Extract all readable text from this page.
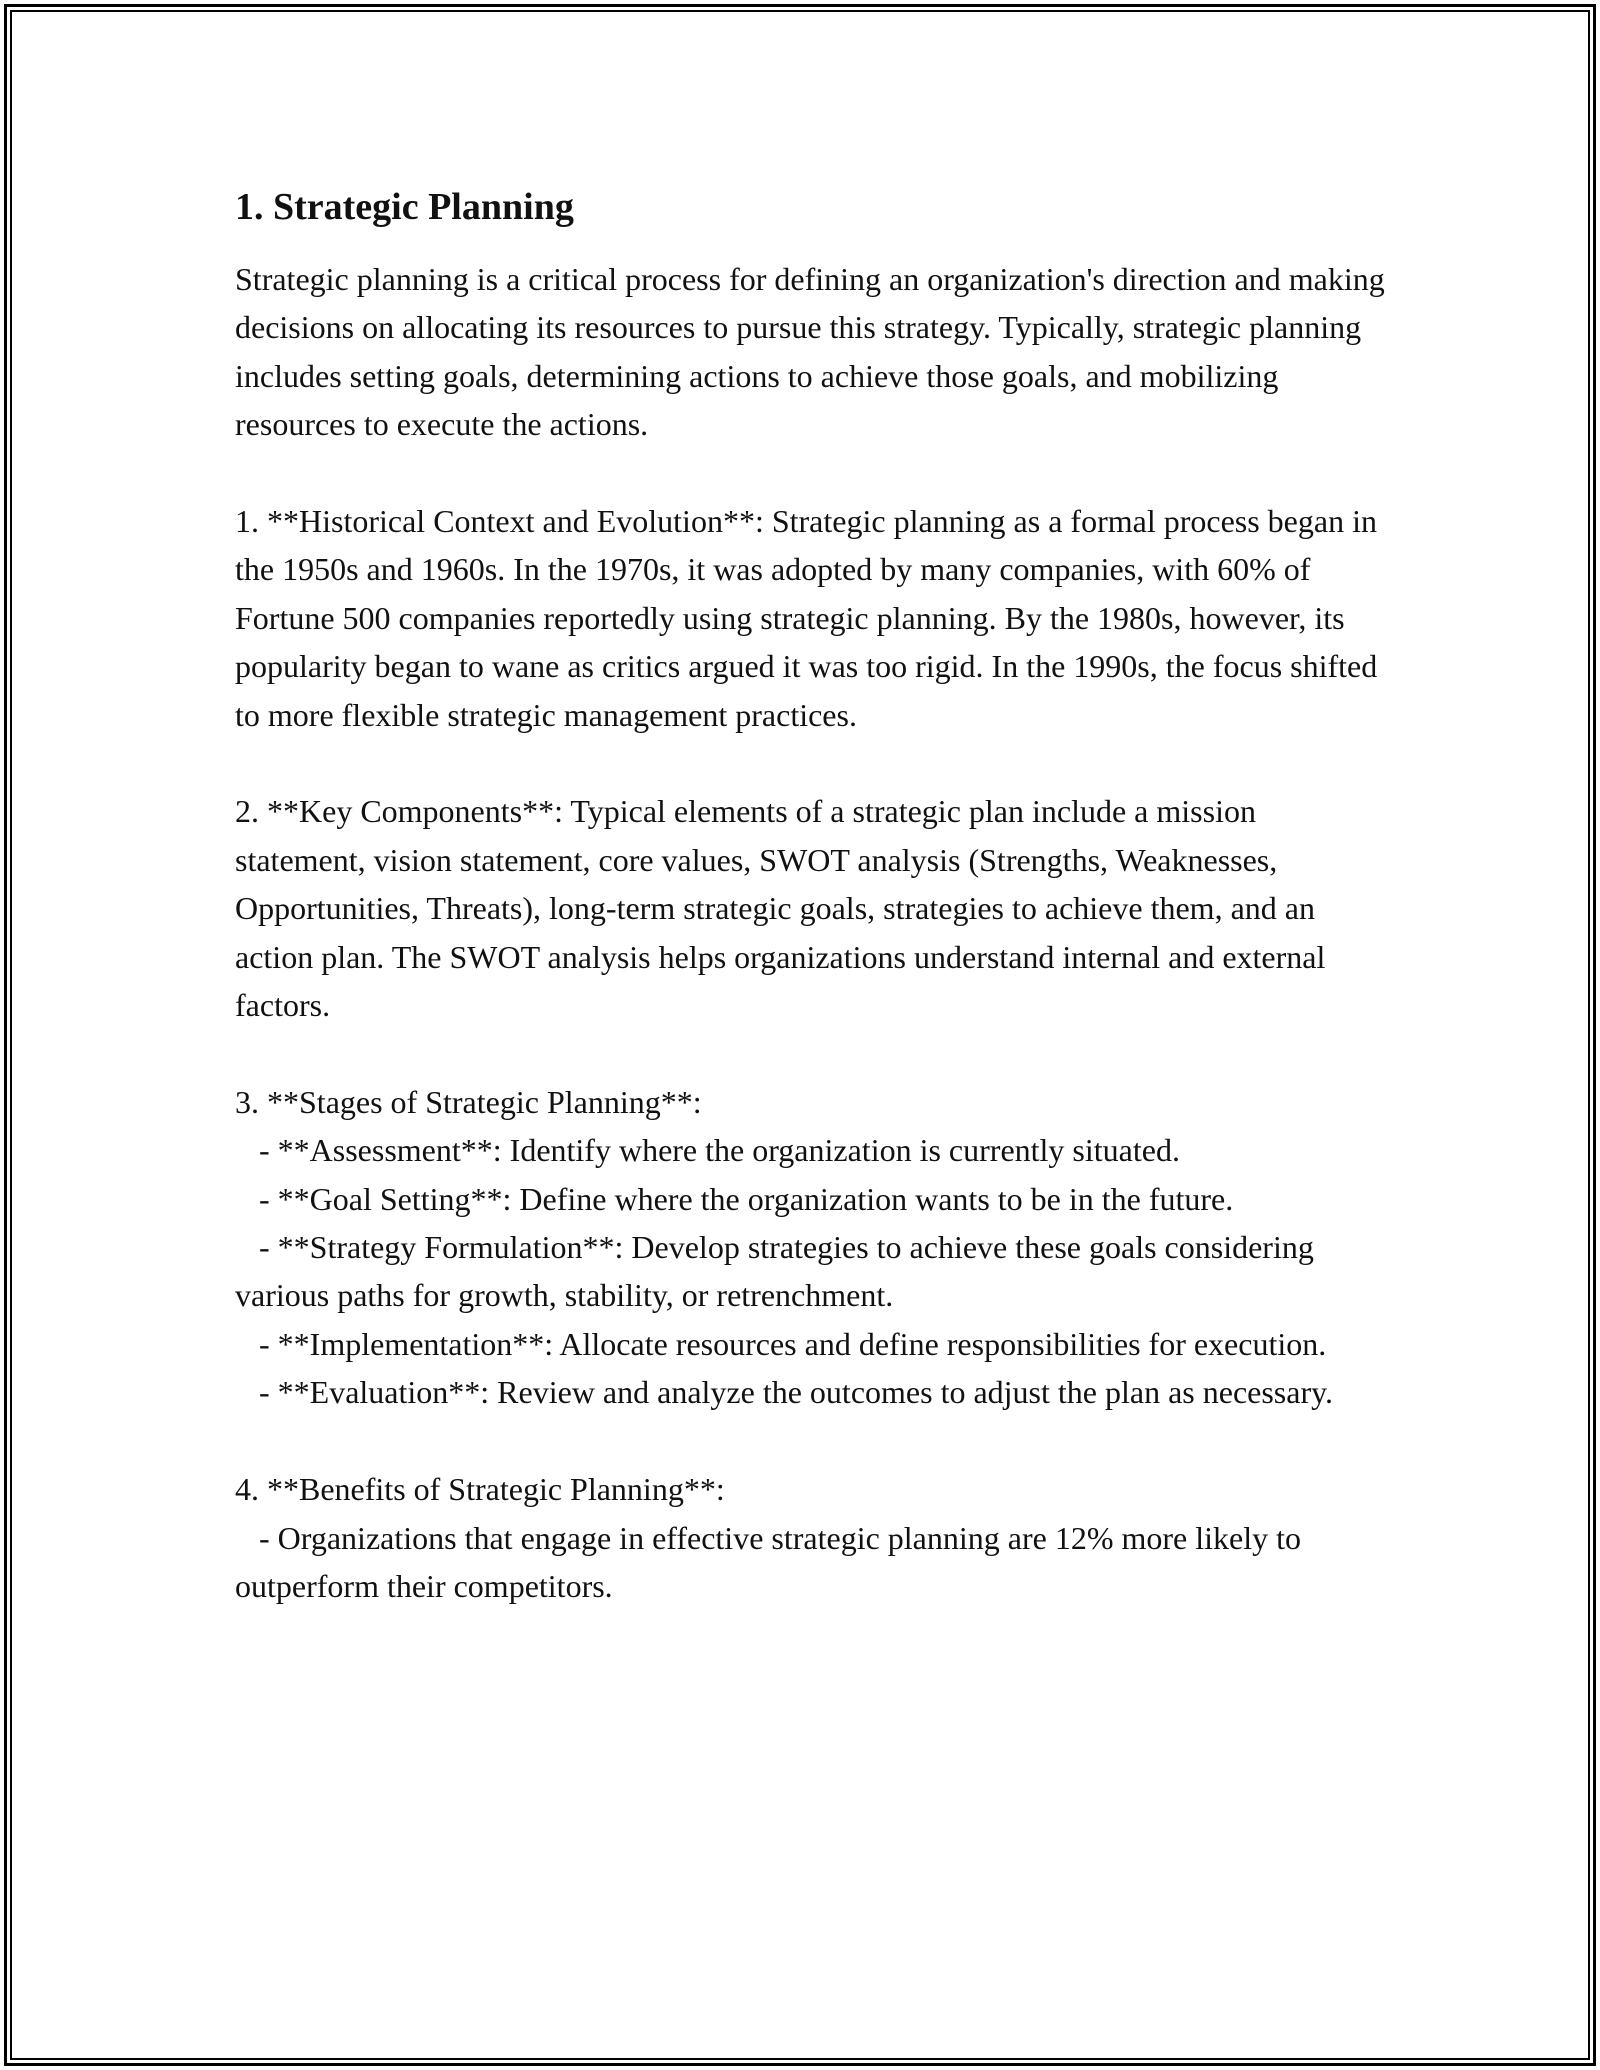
1. Strategic Planning

Strategic planning is a critical process for defining an organization's direction and making decisions on allocating its resources to pursue this strategy. Typically, strategic planning includes setting goals, determining actions to achieve those goals, and mobilizing resources to execute the actions.

1. **Historical Context and Evolution**: Strategic planning as a formal process began in the 1950s and 1960s. In the 1970s, it was adopted by many companies, with 60% of Fortune 500 companies reportedly using strategic planning. By the 1980s, however, its popularity began to wane as critics argued it was too rigid. In the 1990s, the focus shifted to more flexible strategic management practices.

2. **Key Components**: Typical elements of a strategic plan include a mission statement, vision statement, core values, SWOT analysis (Strengths, Weaknesses, Opportunities, Threats), long-term strategic goals, strategies to achieve them, and an action plan. The SWOT analysis helps organizations understand internal and external factors.

3. **Stages of Strategic Planning**:

- **Assessment**: Identify where the organization is currently situated.

- **Goal Setting**: Define where the organization wants to be in the future.

- **Strategy Formulation**: Develop strategies to achieve these goals considering various paths for growth, stability, or retrenchment.

- **Implementation**: Allocate resources and define responsibilities for execution.

- **Evaluation**: Review and analyze the outcomes to adjust the plan as necessary.

4. **Benefits of Strategic Planning**:

- Organizations that engage in effective strategic planning are 12% more likely to outperform their competitors.
